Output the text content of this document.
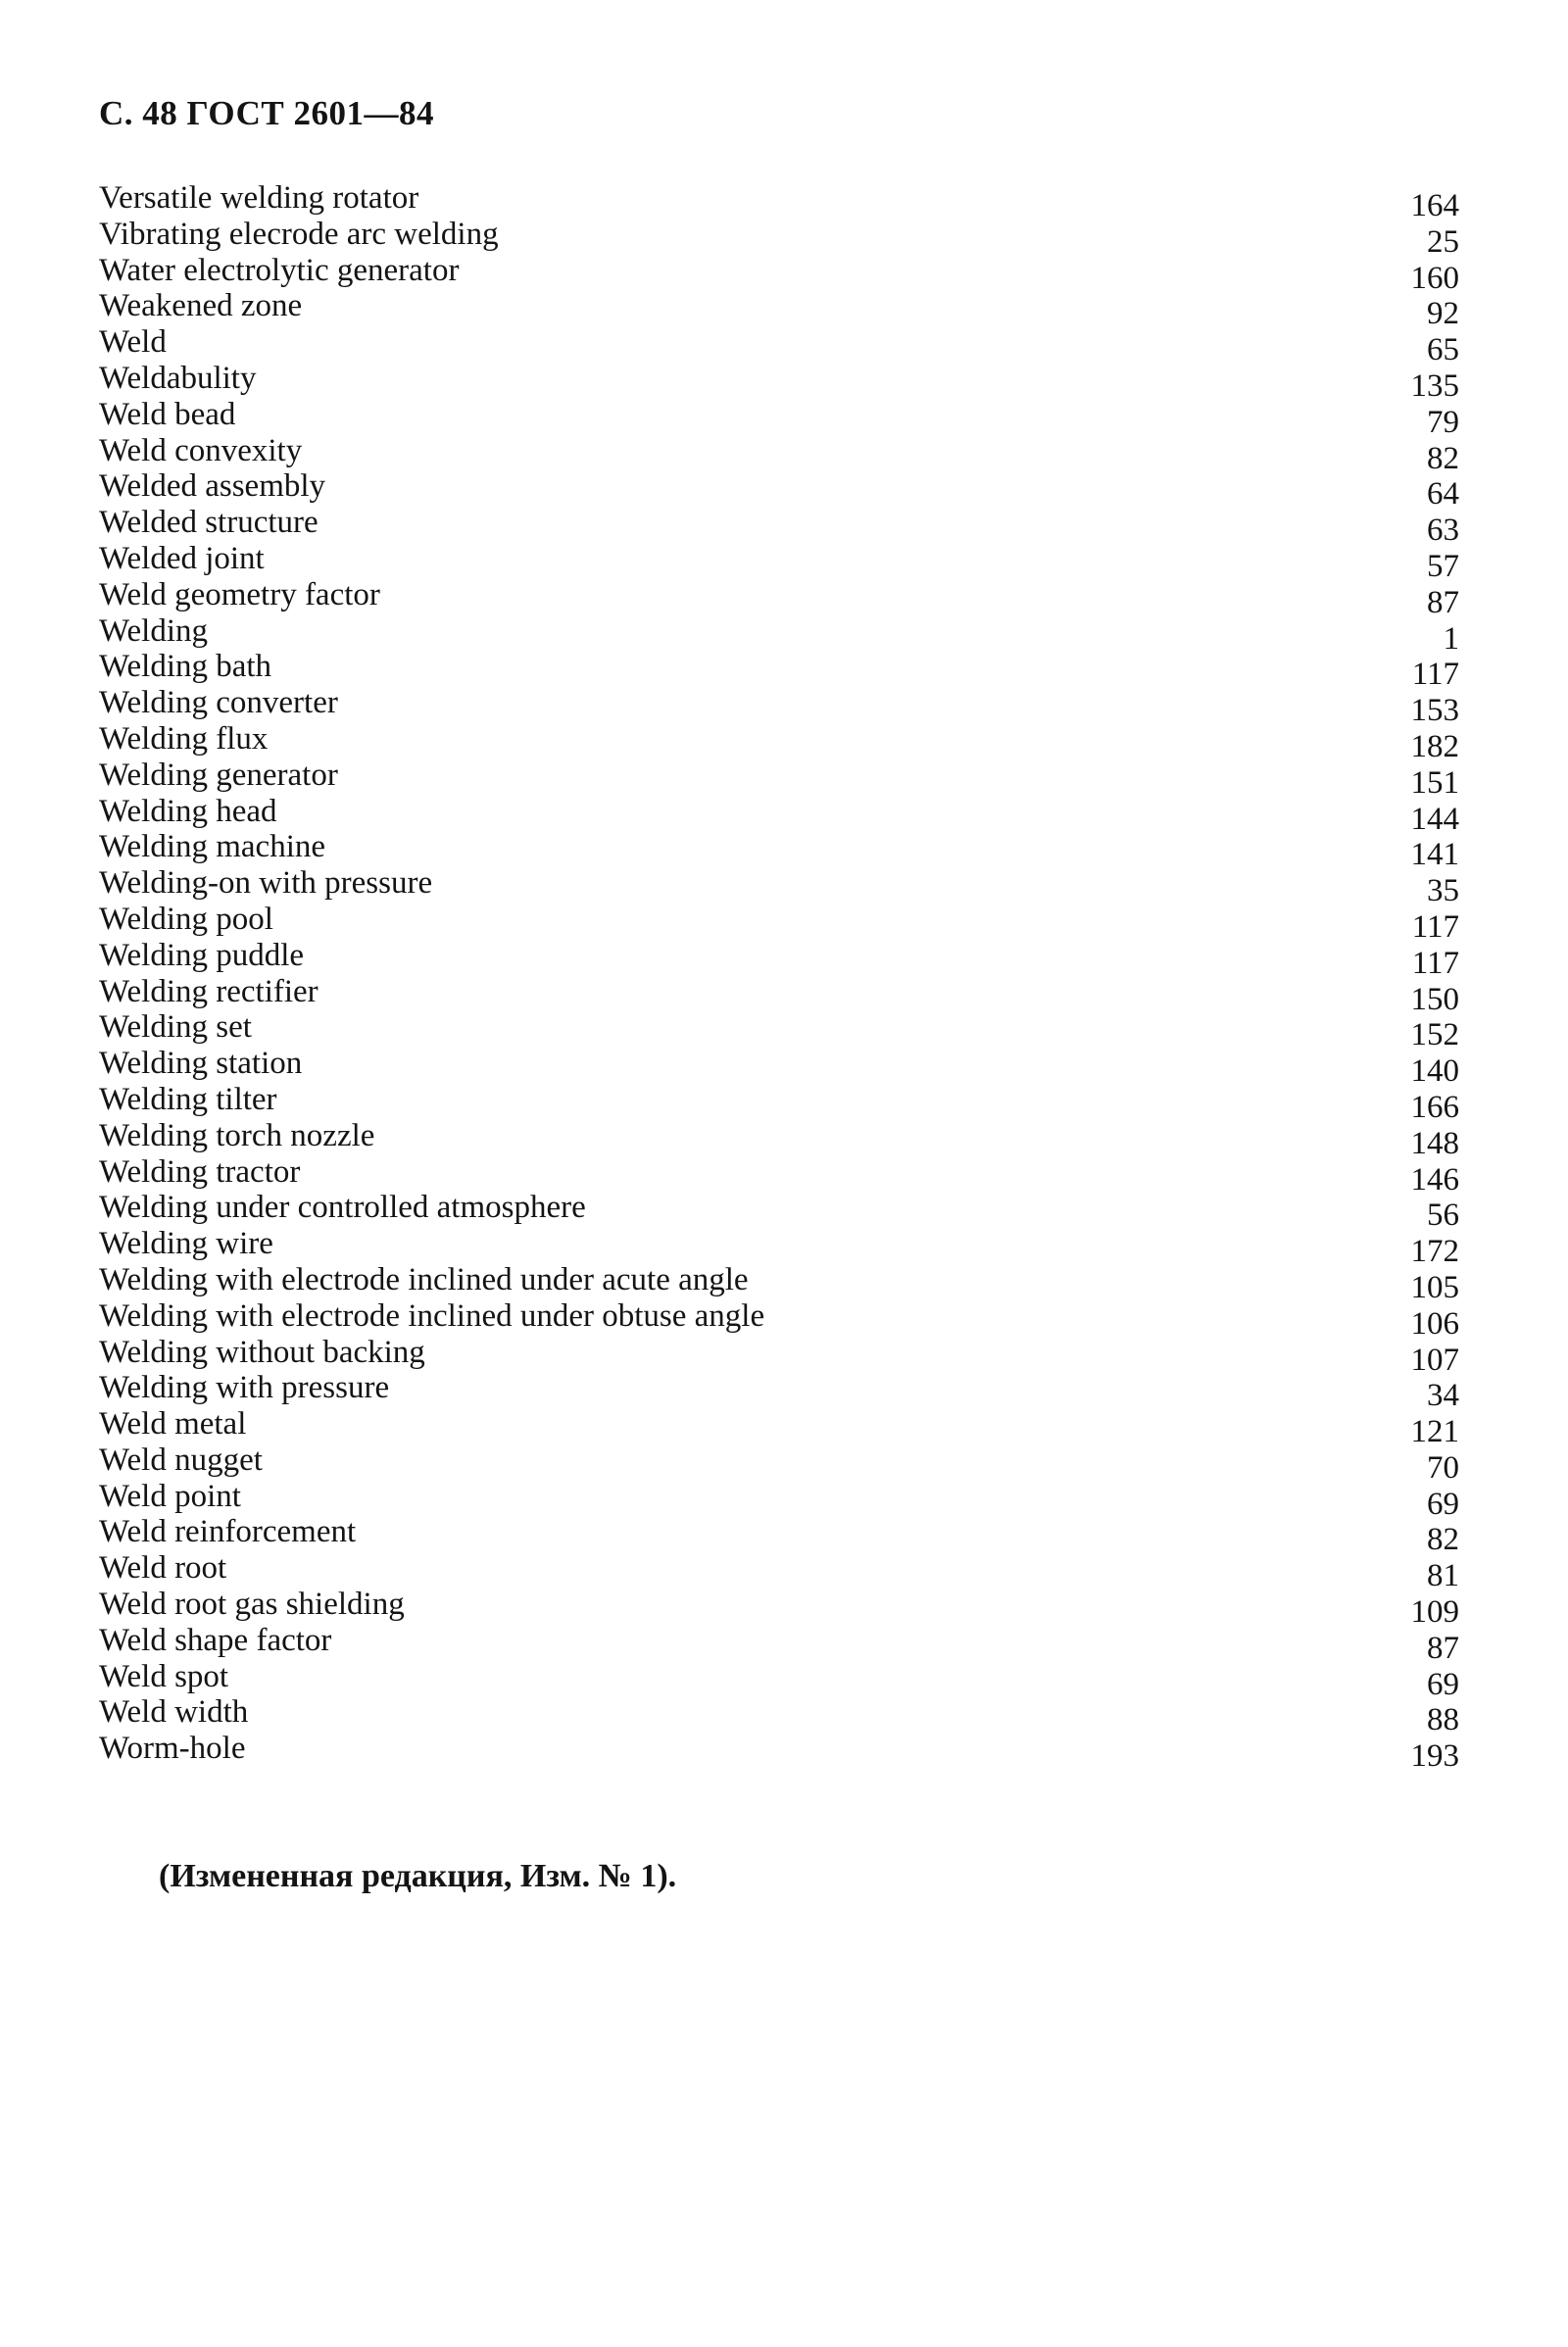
С. 48 ГОСТ 2601—84
Versatile welding rotator	164
Vibrating elecrode arc welding	25
Water electrolytic generator	160
Weakened zone	92
Weld	65
Weldabulity	135
Weld bead	79
Weld convexity	82
Welded assembly	64
Welded structure	63
Welded joint	57
Weld geometry factor	87
Welding	1
Welding bath	117
Welding converter	153
Welding flux	182
Welding generator	151
Welding head	144
Welding machine	141
Welding-on with pressure	35
Welding pool	117
Welding puddle	117
Welding rectifier	150
Welding set	152
Welding station	140
Welding tilter	166
Welding torch nozzle	148
Welding tractor	146
Welding under controlled atmosphere	56
Welding wire	172
Welding with electrode inclined under acute angle	105
Welding with electrode inclined under obtuse angle	106
Welding without backing	107
Welding with pressure	34
Weld metal	121
Weld nugget	70
Weld point	69
Weld reinforcement	82
Weld root	81
Weld root gas shielding	109
Weld shape factor	87
Weld spot	69
Weld width	88
Worm-hole	193
(Измененная редакция, Изм. № 1).
